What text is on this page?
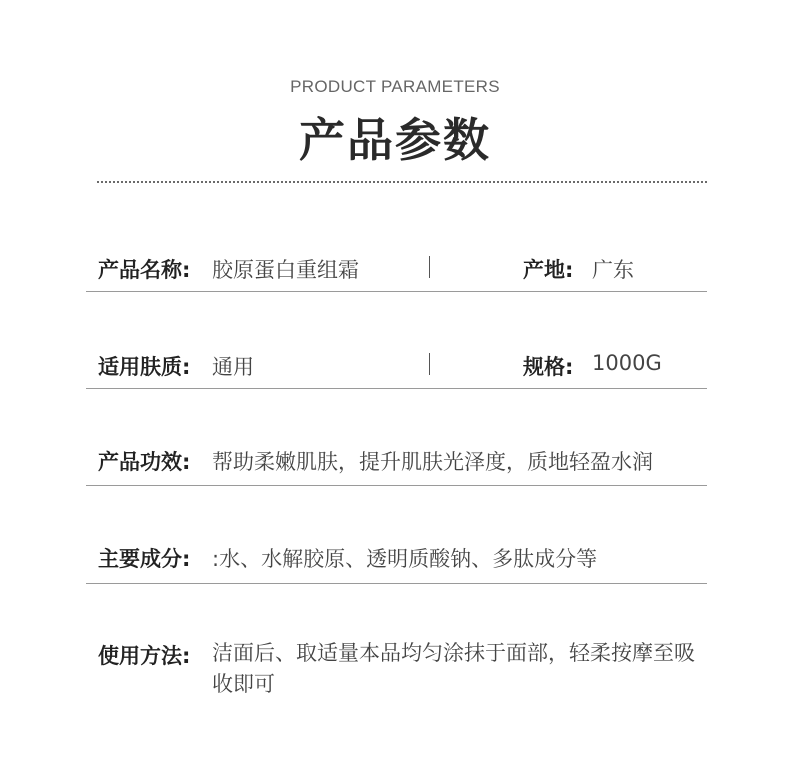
PRODUCT PARAMETERS
产品参数
产品名称: 胶原蛋白重组霜	产地: 广东
适用肤质: 通用	规格: 1000G
产品功效: 帮助柔嫩肌肤，提升肌肤光泽度，质地轻盈水润
主要成分: :水、水解胶原、透明质酸钠、多肽成分等
使用方法: 洁面后、取适量本品均匀涂抹于面部，轻柔按摩至吸收即可
